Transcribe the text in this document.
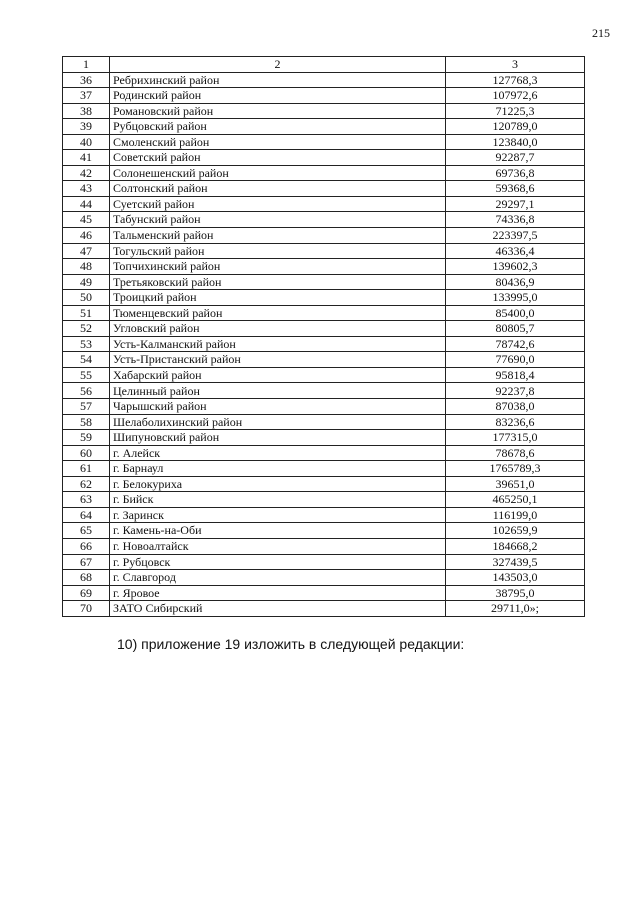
215
1	2	3
36	Ребрихинский район	127768,3
37	Родинский район	107972,6
38	Романовский район	71225,3
39	Рубцовский район	120789,0
40	Смоленский район	123840,0
41	Советский район	92287,7
42	Солонешенский район	69736,8
43	Солтонский район	59368,6
44	Суетский район	29297,1
45	Табунский район	74336,8
46	Тальменский район	223397,5
47	Тогульский район	46336,4
48	Топчихинский район	139602,3
49	Третьяковский район	80436,9
50	Троицкий район	133995,0
51	Тюменцевский район	85400,0
52	Угловский район	80805,7
53	Усть-Калманский район	78742,6
54	Усть-Пристанский район	77690,0
55	Хабарский район	95818,4
56	Целинный район	92237,8
57	Чарышский район	87038,0
58	Шелаболихинский район	83236,6
59	Шипуновский район	177315,0
60	г. Алейск	78678,6
61	г. Барнаул	1765789,3
62	г. Белокуриха	39651,0
63	г. Бийск	465250,1
64	г. Заринск	116199,0
65	г. Камень-на-Оби	102659,9
66	г. Новоалтайск	184668,2
67	г. Рубцовск	327439,5
68	г. Славгород	143503,0
69	г. Яровое	38795,0
70	ЗАТО Сибирский	29711,0»;
10) приложение 19 изложить в следующей редакции:
